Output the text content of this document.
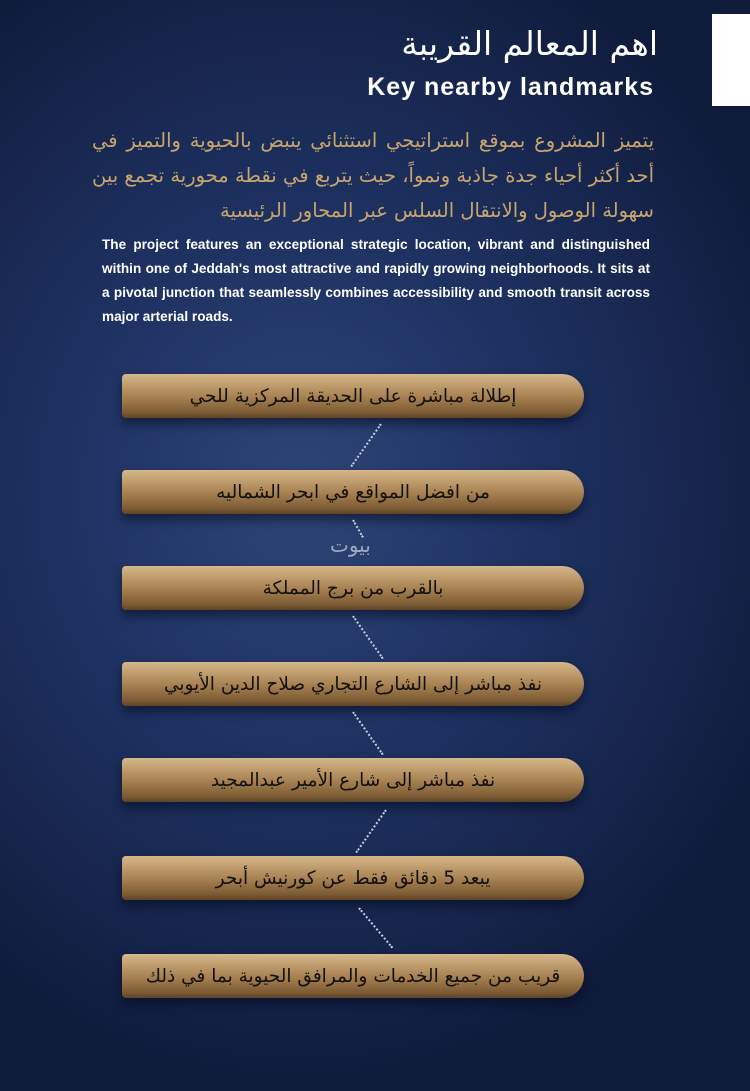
اهم المعالم القريبة
Key nearby landmarks
يتميز المشروع بموقع استراتيجي استثنائي ينبض بالحيوية والتميز في أحد أكثر أحياء جدة جاذبة ونمواً، حيث يتربع في نقطة محورية تجمع بين سهولة الوصول والانتقال السلس عبر المحاور الرئيسية
The project features an exceptional strategic location, vibrant and distinguished within one of Jeddah's most attractive and rapidly growing neighborhoods. It sits at a pivotal junction that seamlessly combines accessibility and smooth transit across major arterial roads.
إطلالة مباشرة على الحديقة المركزية للحي
من افضل المواقع في ابحر الشماليه
بيوت
بالقرب من برج المملكة
نفذ مباشر إلى الشارع التجاري صلاح الدين الأيوبي
نفذ مباشر إلى شارع الأمير عبدالمجيد
يبعد 5 دقائق فقط عن كورنيش أبحر
قريب من جميع الخدمات والمرافق الحيوية بما في ذلك
